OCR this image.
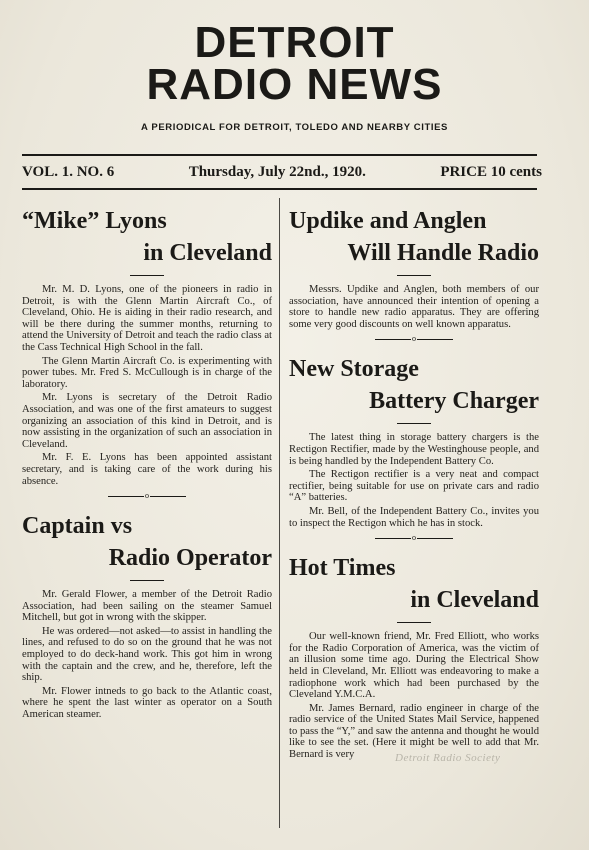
DETROIT
RADIO NEWS
A PERIODICAL FOR DETROIT, TOLEDO AND NEARBY CITIES
VOL. 1. NO. 6	Thursday, July 22nd., 1920.	PRICE 10 cents
“Mike” Lyons
in Cleveland

Mr. M. D. Lyons, one of the pioneers in radio in Detroit, is with the Glenn Martin Aircraft Co., of Cleveland, Ohio. He is aiding in their radio research, and will be there during the summer months, returning to attend the University of Detroit and teach the radio class at the Cass Technical High School in the fall.

The Glenn Martin Aircraft Co. is experimenting with power tubes. Mr. Fred S. McCullough is in charge of the laboratory.

Mr. Lyons is secretary of the Detroit Radio Association, and was one of the first amateurs to suggest organizing an association of this kind in Detroit, and is now assisting in the organization of such an association in Cleveland.

Mr. F. E. Lyons has been appointed assistant secretary, and is taking care of the work during his absence.

o
Captain vs
Radio Operator

Mr. Gerald Flower, a member of the Detroit Radio Association, had been sailing on the steamer Samuel Mitchell, but got in wrong with the skipper.

He was ordered—not asked—to assist in handling the lines, and refused to do so on the ground that he was not employed to do deck-hand work. This got him in wrong with the captain and the crew, and he, therefore, left the ship.

Mr. Flower intneds to go back to the Atlantic coast, where he spent the last winter as operator on a South American steamer.

Updike and Anglen
Will Handle Radio

Messrs. Updike and Anglen, both members of our association, have announced their intention of opening a store to handle new radio apparatus. They are offering some very good discounts on well known apparatus.

o
New Storage
Battery Charger

The latest thing in storage battery chargers is the Rectigon Rectifier, made by the Westinghouse people, and is being handled by the Independent Battery Co.

The Rectigon rectifier is a very neat and compact rectifier, being suitable for use on private cars and radio “A” batteries.

Mr. Bell, of the Independent Battery Co., invites you to inspect the Rectigon which he has in stock.

o
Hot Times
in Cleveland

Our well-known friend, Mr. Fred Elliott, who works for the Radio Corporation of America, was the victim of an illusion some time ago. During the Electrical Show held in Cleveland, Mr. Elliott was endeavoring to make a radiophone work which had been purchased by the Cleveland Y.M.C.A.

Mr. James Bernard, radio engineer in charge of the radio service of the United States Mail Service, happened to pass the “Y,” and saw the antenna and thought he would like to see the set. (Here it might be well to add that Mr. Bernard is very	Detroit Radio Society
